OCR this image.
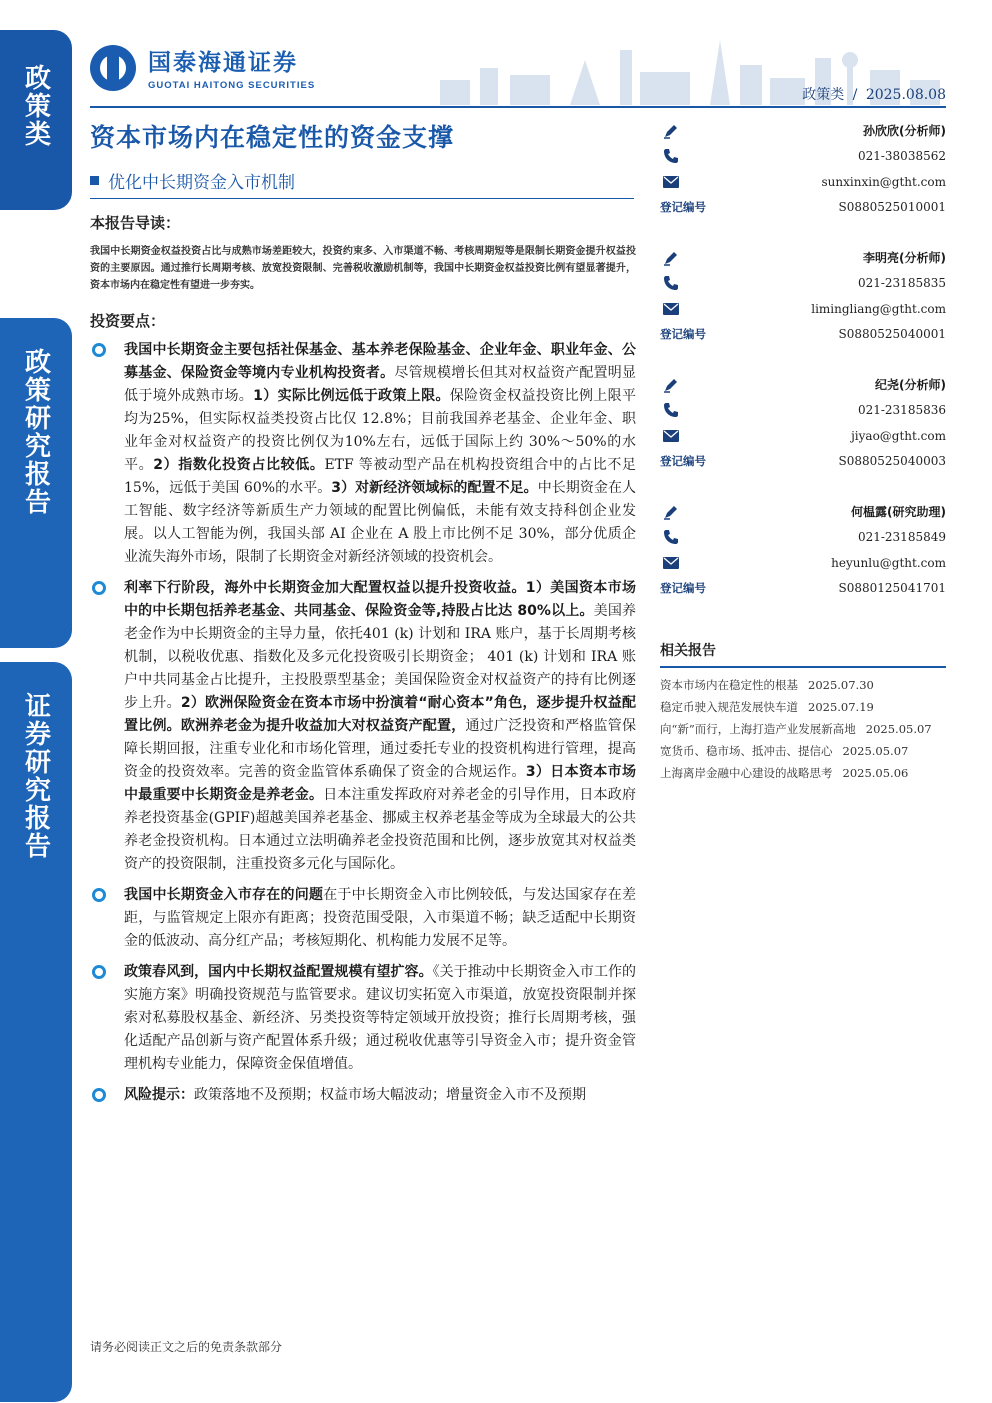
政策类
政策研究报告
证券研究报告
国泰海通证券
GUOTAI HAITONG SECURITIES
政策类 / 2025.08.08
资本市场内在稳定性的资金支撑
优化中长期资金入市机制
本报告导读：
我国中长期资金权益投资占比与成熟市场差距较大，投资约束多、入市渠道不畅、考核周期短等是限制长期资金提升权益投资的主要原因。通过推行长周期考核、放宽投资限制、完善税收激励机制等，我国中长期资金权益投资比例有望显著提升，资本市场内在稳定性有望进一步夯实。
投资要点：
我国中长期资金主要包括社保基金、基本养老保险基金、企业年金、职业年金、公募基金、保险资金等境内专业机构投资者。尽管规模增长但其对权益资产配置明显低于境外成熟市场。1）实际比例远低于政策上限。保险资金权益投资比例上限平均为25%，但实际权益类投资占比仅 12.8%；目前我国养老基金、企业年金、职业年金对权益资产的投资比例仅为10%左右，远低于国际上约 30%～50%的水平。2）指数化投资占比较低。ETF 等被动型产品在机构投资组合中的占比不足 15%，远低于美国 60%的水平。3）对新经济领域标的配置不足。中长期资金在人工智能、数字经济等新质生产力领域的配置比例偏低，未能有效支持科创企业发展。以人工智能为例，我国头部 AI 企业在 A 股上市比例不足 30%，部分优质企业流失海外市场，限制了长期资金对新经济领域的投资机会。
利率下行阶段，海外中长期资金加大配置权益以提升投资收益。1）美国资本市场中的中长期包括养老基金、共同基金、保险资金等,持股占比达 80%以上。美国养老金作为中长期资金的主导力量，依托401 (k) 计划和 IRA 账户，基于长周期考核机制，以税收优惠、指数化及多元化投资吸引长期资金； 401 (k) 计划和 IRA 账户中共同基金占比提升，主投股票型基金；美国保险资金对权益资产的持有比例逐步上升。2）欧洲保险资金在资本市场中扮演着“耐心资本”角色，逐步提升权益配置比例。欧洲养老金为提升收益加大对权益资产配置，通过广泛投资和严格监管保障长期回报，注重专业化和市场化管理，通过委托专业的投资机构进行管理，提高资金的投资效率。完善的资金监管体系确保了资金的合规运作。3）日本资本市场中最重要中长期资金是养老金。日本注重发挥政府对养老金的引导作用，日本政府养老投资基金(GPIF)超越美国养老基金、挪威主权养老基金等成为全球最大的公共养老金投资机构。日本通过立法明确养老金投资范围和比例，逐步放宽其对权益类资产的投资限制，注重投资多元化与国际化。
我国中长期资金入市存在的问题在于中长期资金入市比例较低，与发达国家存在差距，与监管规定上限亦有距离；投资范围受限，入市渠道不畅；缺乏适配中长期资金的低波动、高分红产品；考核短期化、机构能力发展不足等。
政策春风到，国内中长期权益配置规模有望扩容。《关于推动中长期资金入市工作的实施方案》明确投资规范与监管要求。建议切实拓宽入市渠道，放宽投资限制并探索对私募股权基金、新经济、另类投资等特定领域开放投资；推行长周期考核，强化适配产品创新与资产配置体系升级；通过税收优惠等引导资金入市；提升资金管理机构专业能力，保障资金保值增值。
风险提示：政策落地不及预期；权益市场大幅波动；增量资金入市不及预期
孙欣欣(分析师)
021-38038562
sunxinxin@gtht.com
登记编号	S0880525010001
李明亮(分析师)
021-23185835
limingliang@gtht.com
登记编号	S0880525040001
纪尧(分析师)
021-23185836
jiyao@gtht.com
登记编号	S0880525040003
何榅露(研究助理)
021-23185849
heyunlu@gtht.com
登记编号	S0880125041701
相关报告
资本市场内在稳定性的根基 2025.07.30
稳定币驶入规范发展快车道 2025.07.19
向“新”而行，上海打造产业发展新高地 2025.05.07
宽货币、稳市场、抵冲击、提信心 2025.05.07
上海离岸金融中心建设的战略思考 2025.05.06
请务必阅读正文之后的免责条款部分
